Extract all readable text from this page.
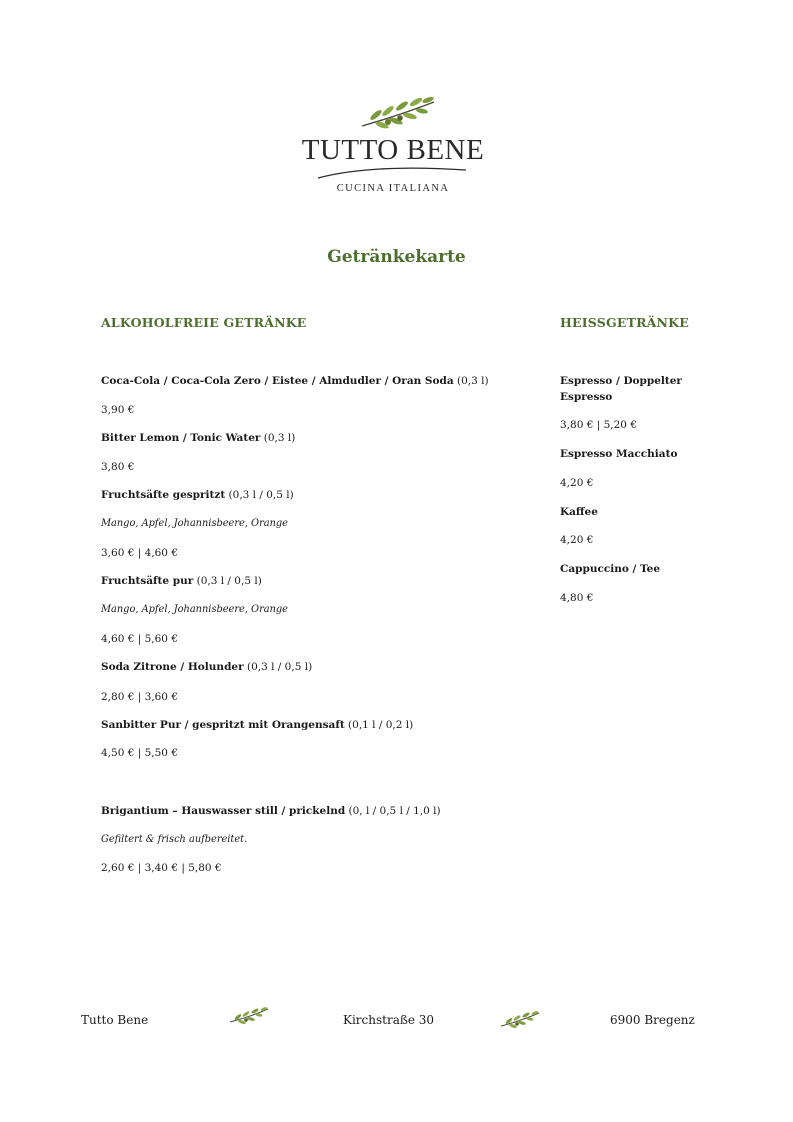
TUTTO BENE
CUCINA ITALIANA
Getränkekarte
ALKOHOLFREIE GETRÄNKE
Coca-Cola / Coca-Cola Zero / Eistee / Almdudler / Oran Soda (0,3 l)
3,90 €
Bitter Lemon / Tonic Water (0,3 l)
3,80 €
Fruchtsäfte gespritzt (0,3 l / 0,5 l)
Mango, Apfel, Johannisbeere, Orange
3,60 € | 4,60 €
Fruchtsäfte pur (0,3 l / 0,5 l)
Mango, Apfel, Johannisbeere, Orange
4,60 € | 5,60 €
Soda Zitrone / Holunder (0,3 l / 0,5 l)
2,80 € | 3,60 €
Sanbitter Pur / gespritzt mit Orangensaft (0,1 l / 0,2 l)
4,50 € | 5,50 €
Brigantium – Hauswasser still / prickelnd (0, l / 0,5 l / 1,0 l)
Gefiltert & frisch aufbereitet.
2,60 € | 3,40 € | 5,80 €
HEISSGETRÄNKE
Espresso / Doppelter Espresso
3,80 € | 5,20 €
Espresso Macchiato
4,20 €
Kaffee
4,20 €
Cappuccino / Tee
4,80 €
Tutto Bene	Kirchstraße 30	6900 Bregenz
